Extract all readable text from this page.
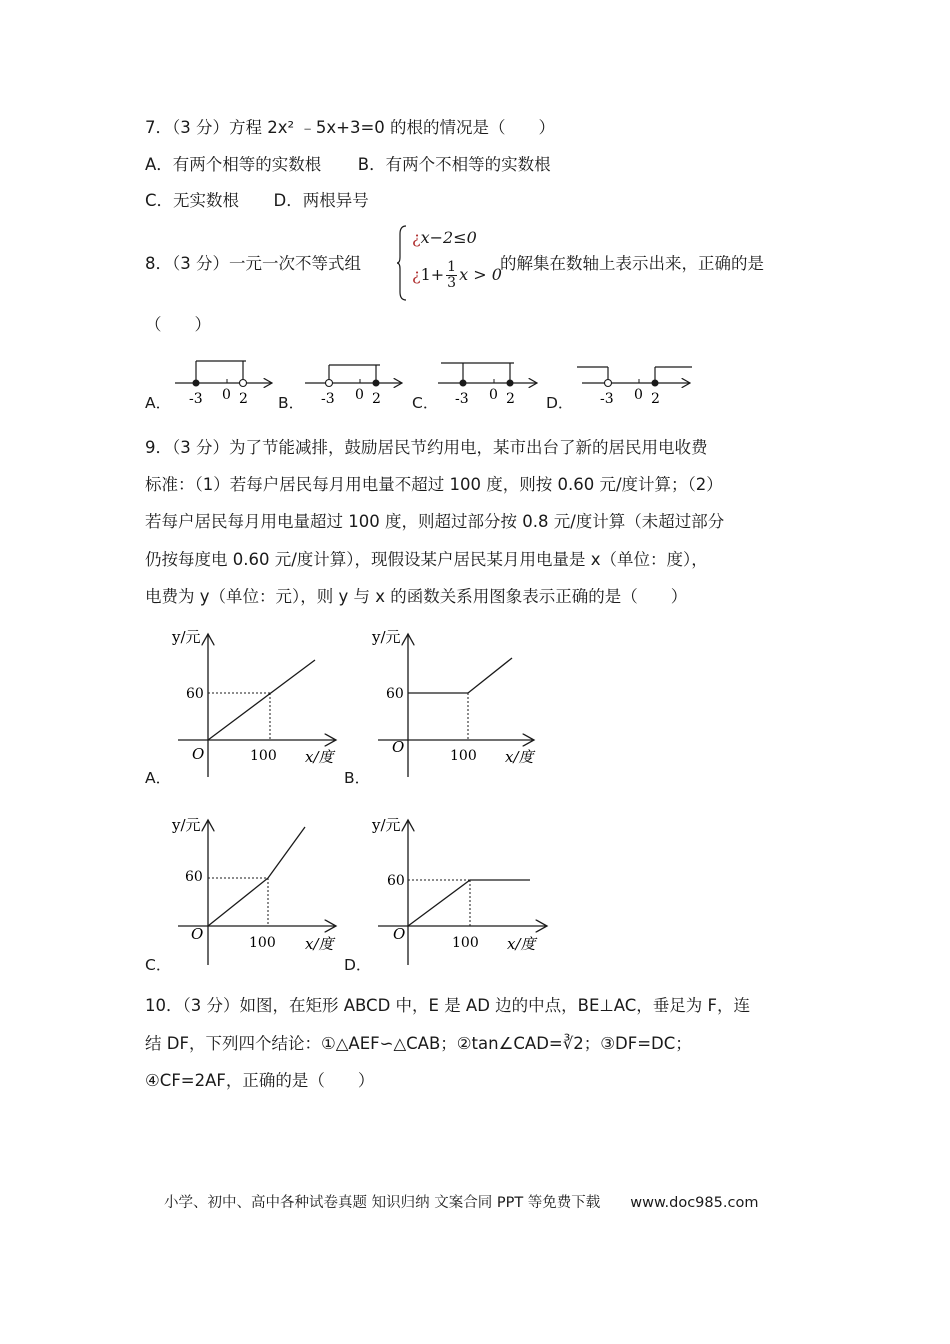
7．（3 分）方程 2x² ﹣5x+3=0 的根的情况是（　　）
A．有两个相等的实数根 B．有两个不相等的实数根
C．无实数根 D．两根异号
8．（3 分）一元一次不等式组
¿x−2≤0
¿$1+ \frac{1}{3}$ x > 0
的解集在数轴上表示出来，正确的是
（　　）
A．	B．	C．	D．
-3 0 2	-3 0 2	-3 0 2	-3 0 2
9．（3 分）为了节能减排，鼓励居民节约用电，某市出台了新的居民用电收费
标准：（1）若每户居民每月用电量不超过 100 度，则按 0.60 元/度计算；（2）
若每户居民每月用电量超过 100 度，则超过部分按 0.8 元/度计算（未超过部分
仍按每度电 0.60 元/度计算），现假设某户居民某月用电量是 x（单位：度），
电费为 y（单位：元），则 y 与 x 的函数关系用图象表示正确的是（　　）
A．	B．
C．	D．
y/元
60
O	100 x/度
y/元
60
O	100 x/度
y/元
60
O	100 x/度
y/元
60
O	100 x/度
10．（3 分）如图，在矩形 ABCD 中，E 是 AD 边的中点，BE⊥AC，垂足为 F，连
结 DF，下列四个结论：①△AEF∽△CAB；②tan∠CAD=∛2；③DF=DC；
④CF=2AF，正确的是（　　）
小学、初中、高中各种试卷真题 知识归纳 文案合同 PPT 等免费下载 www.doc985.com
